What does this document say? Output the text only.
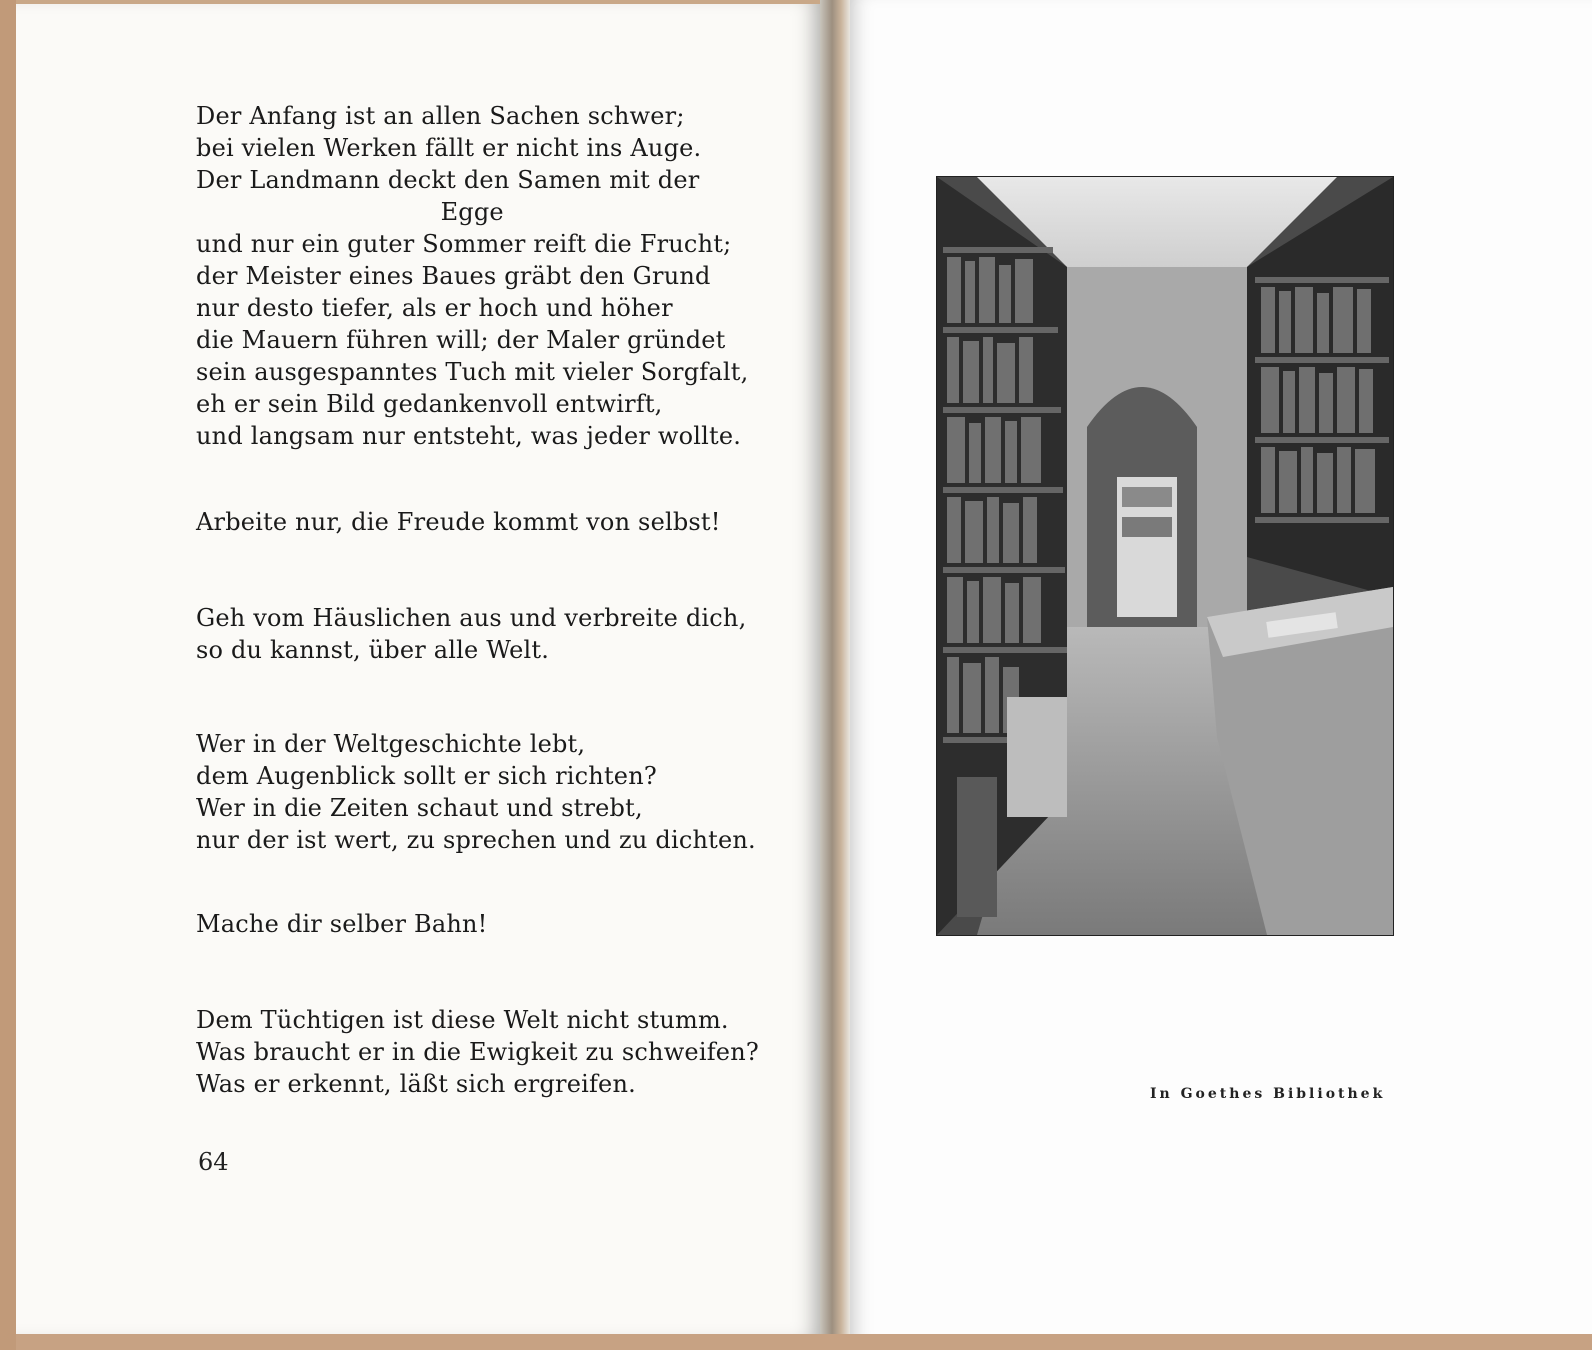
Der Anfang ist an allen Sachen schwer;
bei vielen Werken fällt er nicht ins Auge.
Der Landmann deckt den Samen mit der
Egge
und nur ein guter Sommer reift die Frucht;
der Meister eines Baues gräbt den Grund
nur desto tiefer, als er hoch und höher
die Mauern führen will; der Maler gründet
sein ausgespanntes Tuch mit vieler Sorgfalt,
eh er sein Bild gedankenvoll entwirft,
und langsam nur entsteht, was jeder wollte.
Arbeite nur, die Freude kommt von selbst!
Geh vom Häuslichen aus und verbreite dich,
so du kannst, über alle Welt.
Wer in der Weltgeschichte lebt,
dem Augenblick sollt er sich richten?
Wer in die Zeiten schaut und strebt,
nur der ist wert, zu sprechen und zu dichten.
Mache dir selber Bahn!
Dem Tüchtigen ist diese Welt nicht stumm.
Was braucht er in die Ewigkeit zu schweifen?
Was er erkennt, läßt sich ergreifen.
64
In Goethes Bibliothek
